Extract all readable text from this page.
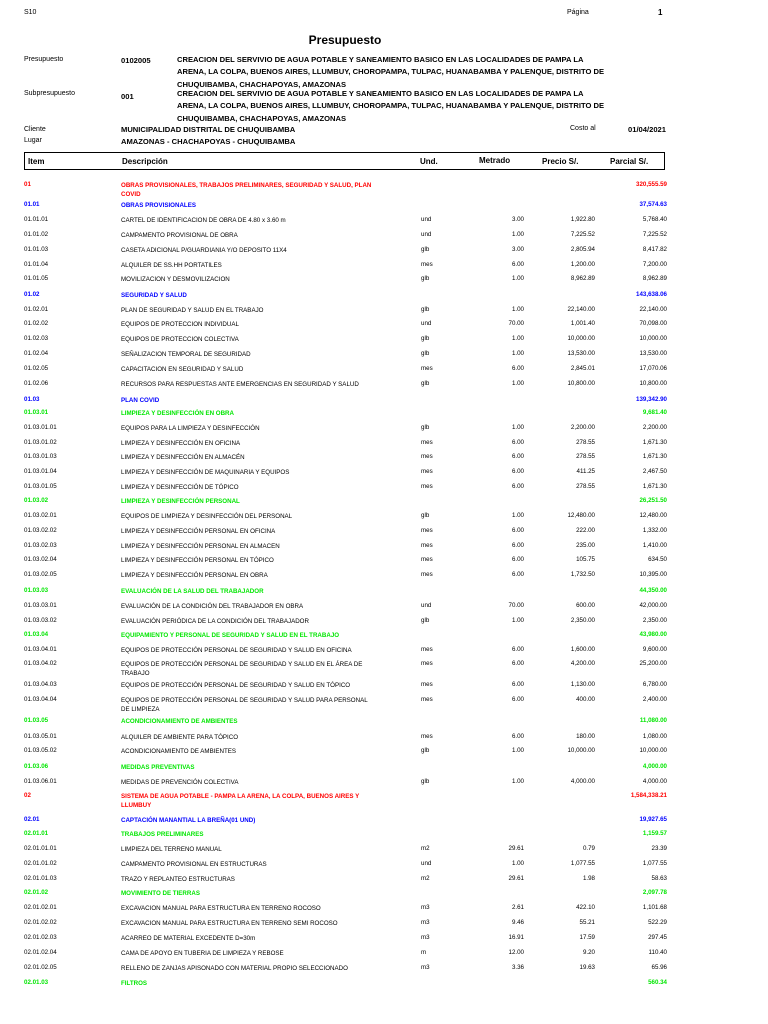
S10	Página	1
Presupuesto
Presupuesto	0102005	CREACION DEL SERVIVIO DE AGUA POTABLE Y SANEAMIENTO BASICO EN LAS LOCALIDADES DE PAMPA LA ARENA, LA COLPA, BUENOS AIRES, LLUMBUY, CHOROPAMPA, TULPAC, HUANABAMBA Y PALENQUE, DISTRITO DE CHUQUIBAMBA, CHACHAPOYAS, AMAZONAS
Subpresupuesto	001	CREACION DEL SERVIVIO DE AGUA POTABLE Y SANEAMIENTO BASICO EN LAS LOCALIDADES DE PAMPA LA ARENA, LA COLPA, BUENOS AIRES, LLUMBUY, CHOROPAMPA, TULPAC, HUANABAMBA Y PALENQUE, DISTRITO DE CHUQUIBAMBA, CHACHAPOYAS, AMAZONAS
Cliente	MUNICIPALIDAD DISTRITAL DE CHUQUIBAMBA	Costo al	01/04/2021
Lugar	AMAZONAS - CHACHAPOYAS - CHUQUIBAMBA
Item	Descripción	Und.	Metrado	Precio S/.	Parcial S/.
01	OBRAS PROVISIONALES, TRABAJOS PRELIMINARES, SEGURIDAD Y SALUD, PLAN COVID
320,555.59
01.01	OBRAS PROVISIONALES	37,574.63
01.01.01	CARTEL DE IDENTIFICACION DE OBRA DE 4.80 x 3.60 m	und	3.00	1,922.80	5,768.40
01.01.02	CAMPAMENTO PROVISIONAL DE OBRA	und	1.00	7,225.52	7,225.52
01.01.03	CASETA ADICIONAL P/GUARDIANIA Y/O DEPOSITO 11X4	glb	3.00	2,805.94	8,417.82
01.01.04	ALQUILER DE SS.HH PORTATILES	mes	6.00	1,200.00	7,200.00
01.01.05	MOVILIZACION Y DESMOVILIZACION	glb	1.00	8,962.89	8,962.89
01.02	SEGURIDAD Y SALUD	143,638.06
01.02.01	PLAN DE SEGURIDAD Y SALUD EN EL TRABAJO	glb	1.00	22,140.00	22,140.00
01.02.02	EQUIPOS DE PROTECCION INDIVIDUAL	und	70.00	1,001.40	70,098.00
01.02.03	EQUIPOS DE PROTECCION COLECTIVA	glb	1.00	10,000.00	10,000.00
01.02.04	SEÑALIZACION TEMPORAL DE SEGURIDAD	glb	1.00	13,530.00	13,530.00
01.02.05	CAPACITACION EN SEGURIDAD Y SALUD	mes	6.00	2,845.01	17,070.06
01.02.06	RECURSOS PARA RESPUESTAS ANTE EMERGENCIAS EN SEGURIDAD Y SALUD	glb	1.00	10,800.00	10,800.00
01.03	PLAN COVID	139,342.90
01.03.01	LIMPIEZA Y DESINFECCIÓN EN OBRA	9,681.40
01.03.01.01	EQUIPOS PARA LA LIMPIEZA Y DESINFECCIÓN	glb	1.00	2,200.00	2,200.00
01.03.01.02	LIMPIEZA Y DESINFECCIÓN EN OFICINA	mes	6.00	278.55	1,671.30
01.03.01.03	LIMPIEZA Y DESINFECCIÓN EN ALMACÉN	mes	6.00	278.55	1,671.30
01.03.01.04	LIMPIEZA Y DESINFECCIÓN DE MAQUINARIA Y EQUIPOS	mes	6.00	411.25	2,467.50
01.03.01.05	LIMPIEZA Y DESINFECCIÓN DE TÓPICO	mes	6.00	278.55	1,671.30
01.03.02	LIMPIEZA Y DESINFECCIÓN PERSONAL	26,251.50
01.03.02.01	EQUIPOS DE LIMPIEZA Y DESINFECCIÓN DEL PERSONAL	glb	1.00	12,480.00	12,480.00
01.03.02.02	LIMPIEZA Y DESINFECCIÓN PERSONAL EN OFICINA	mes	6.00	222.00	1,332.00
01.03.02.03	LIMPIEZA Y DESINFECCIÓN PERSONAL EN ALMACEN	mes	6.00	235.00	1,410.00
01.03.02.04	LIMPIEZA Y DESINFECCIÓN PERSONAL EN TÓPICO	mes	6.00	105.75	634.50
01.03.02.05	LIMPIEZA Y DESINFECCIÓN PERSONAL EN OBRA	mes	6.00	1,732.50	10,395.00
01.03.03	EVALUACIÓN DE LA SALUD DEL TRABAJADOR	44,350.00
01.03.03.01	EVALUACIÓN DE LA CONDICIÓN DEL TRABAJADOR EN OBRA	und	70.00	600.00	42,000.00
01.03.03.02	EVALUACIÓN PERIÓDICA DE LA CONDICIÓN DEL TRABAJADOR	glb	1.00	2,350.00	2,350.00
01.03.04	EQUIPAMIENTO Y PERSONAL DE SEGURIDAD Y SALUD EN EL TRABAJO	43,980.00
01.03.04.01	EQUIPOS DE PROTECCIÓN PERSONAL DE SEGURIDAD Y SALUD EN OFICINA	mes	6.00	1,600.00	9,600.00
01.03.04.02	EQUIPOS DE PROTECCIÓN PERSONAL DE SEGURIDAD Y SALUD EN EL ÁREA DE TRABAJO
mes	6.00	4,200.00	25,200.00
01.03.04.03	EQUIPOS DE PROTECCIÓN PERSONAL DE SEGURIDAD Y SALUD EN TÓPICO	mes	6.00	1,130.00	6,780.00
01.03.04.04	EQUIPOS DE PROTECCIÓN PERSONAL DE SEGURIDAD Y SALUD PARA PERSONAL DE LIMPIEZA
mes	6.00	400.00	2,400.00
01.03.05	ACONDICIONAMIENTO DE AMBIENTES	11,080.00
01.03.05.01	ALQUILER DE AMBIENTE PARA TÓPICO	mes	6.00	180.00	1,080.00
01.03.05.02	ACONDICIONAMIENTO DE AMBIENTES	glb	1.00	10,000.00	10,000.00
01.03.06	MEDIDAS PREVENTIVAS	4,000.00
01.03.06.01	MEDIDAS DE PREVENCIÓN COLECTIVA	glb	1.00	4,000.00	4,000.00
02	SISTEMA DE AGUA POTABLE - PAMPA LA ARENA, LA COLPA, BUENOS AIRES Y LLUMBUY
1,584,338.21
02.01	CAPTACIÓN MANANTIAL LA BREÑA(01 UND)	19,927.65
02.01.01	TRABAJOS PRELIMINARES	1,159.57
02.01.01.01	LIMPIEZA DEL TERRENO MANUAL	m2	29.61	0.79	23.39
02.01.01.02	CAMPAMENTO PROVISIONAL EN ESTRUCTURAS	und	1.00	1,077.55	1,077.55
02.01.01.03	TRAZO Y REPLANTEO ESTRUCTURAS	m2	29.61	1.98	58.63
02.01.02	MOVIMIENTO DE TIERRAS	2,097.78
02.01.02.01	EXCAVACION MANUAL PARA ESTRUCTURA EN TERRENO ROCOSO	m3	2.61	422.10	1,101.68
02.01.02.02	EXCAVACION MANUAL PARA ESTRUCTURA EN TERRENO SEMI ROCOSO	m3	9.46	55.21	522.29
02.01.02.03	ACARREO DE MATERIAL EXCEDENTE D=30m	m3	16.91	17.59	297.45
02.01.02.04	CAMA DE APOYO EN TUBERIA DE LIMPIEZA Y REBOSE	m	12.00	9.20	110.40
02.01.02.05	RELLENO DE ZANJAS APISONADO CON MATERIAL PROPIO SELECCIONADO	m3	3.36	19.63	65.96
02.01.03	FILTROS	560.34
